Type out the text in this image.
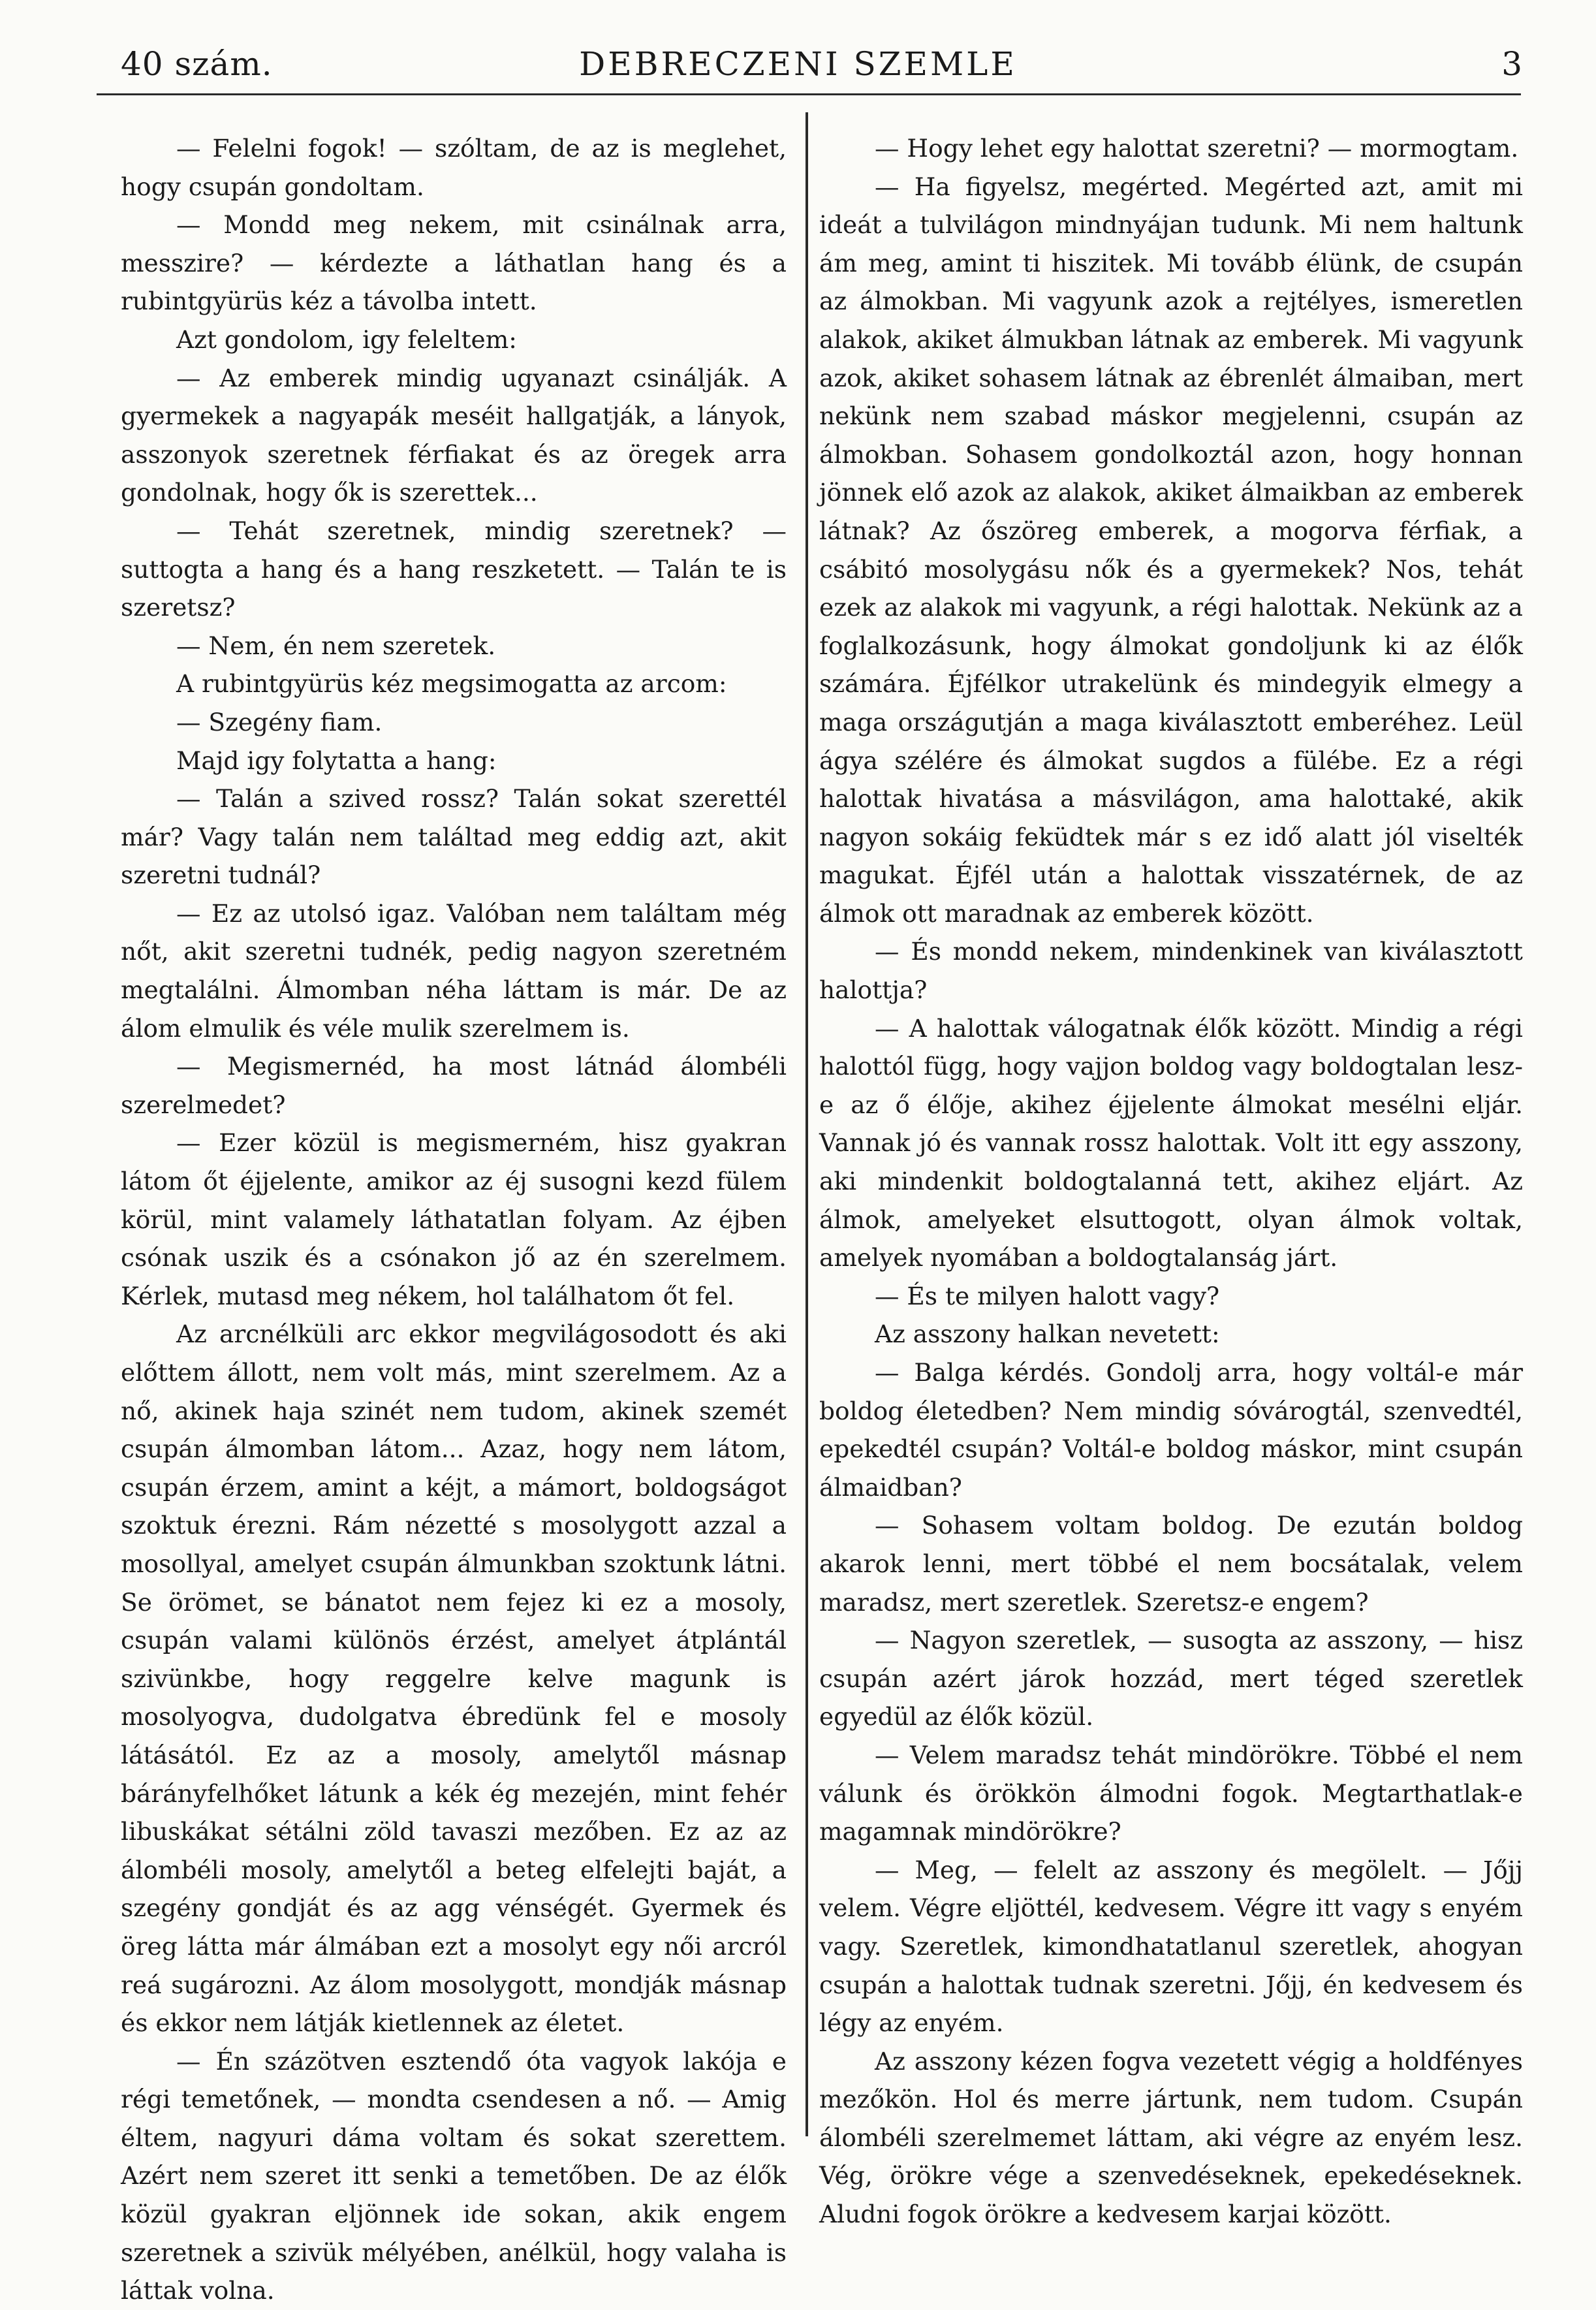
40 szám.	DEBRECZENI SZEMLE	3

— Felelni fogok! — szóltam, de az is meglehet, hogy csupán gondoltam.

— Mondd meg nekem, mit csinálnak arra, messzire? — kérdezte a láthatlan hang és a rubintgyürüs kéz a távolba intett.

Azt gondolom, igy feleltem:

— Az emberek mindig ugyanazt csinálják. A gyermekek a nagyapák meséit hallgatják, a lányok, asszonyok szeretnek férfiakat és az öregek arra gondolnak, hogy ők is szerettek...

— Tehát szeretnek, mindig szeretnek? — suttogta a hang és a hang reszketett. — Talán te is szeretsz?

— Nem, én nem szeretek.

A rubintgyürüs kéz megsimogatta az arcom:

— Szegény fiam.

Majd igy folytatta a hang:

— Talán a szived rossz? Talán sokat szerettél már? Vagy talán nem találtad meg eddig azt, akit szeretni tudnál?

— Ez az utolsó igaz. Valóban nem találtam még nőt, akit szeretni tudnék, pedig nagyon szeretném megtalálni. Álmomban néha láttam is már. De az álom elmulik és véle mulik szerelmem is.

— Megismernéd, ha most látnád álombéli szerelmedet?

— Ezer közül is megismerném, hisz gyakran látom őt éjjelente, amikor az éj susogni kezd fülem körül, mint valamely láthatatlan folyam. Az éjben csónak uszik és a csónakon jő az én szerelmem. Kérlek, mutasd meg nékem, hol találhatom őt fel.

Az arcnélküli arc ekkor megvilágosodott és aki előttem állott, nem volt más, mint szerelmem. Az a nő, akinek haja szinét nem tudom, akinek szemét csupán álmomban látom... Azaz, hogy nem látom, csupán érzem, amint a kéjt, a mámort, boldogságot szoktuk érezni. Rám nézetté s mosolygott azzal a mosollyal, amelyet csupán álmunkban szoktunk látni. Se örömet, se bánatot nem fejez ki ez a mosoly, csupán valami különös érzést, amelyet átplántál szivünkbe, hogy reggelre kelve magunk is mosolyogva, dudolgatva ébredünk fel e mosoly látásától. Ez az a mosoly, amelytől másnap bárányfelhőket látunk a kék ég mezején, mint fehér libuskákat sétálni zöld tavaszi mezőben. Ez az az álombéli mosoly, amelytől a beteg elfelejti baját, a szegény gondját és az agg vénségét. Gyermek és öreg látta már álmában ezt a mosolyt egy női arcról reá sugározni. Az álom mosolygott, mondják másnap és ekkor nem látják kietlennek az életet.

— Én százötven esztendő óta vagyok lakója e régi temetőnek, — mondta csendesen a nő. — Amig éltem, nagyuri dáma voltam és sokat szerettem. Azért nem szeret itt senki a temetőben. De az élők közül gyakran eljönnek ide sokan, akik engem szeretnek a szivük mélyében, anélkül, hogy valaha is láttak volna.

— Hogy lehet egy halottat szeretni? — mormogtam.

— Ha figyelsz, megérted. Megérted azt, amit mi ideát a tulvilágon mindnyájan tudunk. Mi nem haltunk ám meg, amint ti hiszitek. Mi tovább élünk, de csupán az álmokban. Mi vagyunk azok a rejtélyes, ismeretlen alakok, akiket álmukban látnak az emberek. Mi vagyunk azok, akiket sohasem látnak az ébrenlét álmaiban, mert nekünk nem szabad máskor megjelenni, csupán az álmokban. Sohasem gondolkoztál azon, hogy honnan jönnek elő azok az alakok, akiket álmaikban az emberek látnak? Az őszöreg emberek, a mogorva férfiak, a csábitó mosolygásu nők és a gyermekek? Nos, tehát ezek az alakok mi vagyunk, a régi halottak. Nekünk az a foglalkozásunk, hogy álmokat gondoljunk ki az élők számára. Éjfélkor utrakelünk és mindegyik elmegy a maga országutján a maga kiválasztott emberéhez. Leül ágya szélére és álmokat sugdos a fülébe. Ez a régi halottak hivatása a másvilágon, ama halottaké, akik nagyon sokáig feküdtek már s ez idő alatt jól viselték magukat. Éjfél után a halottak visszatérnek, de az álmok ott maradnak az emberek között.

— És mondd nekem, mindenkinek van kiválasztott halottja?

— A halottak válogatnak élők között. Mindig a régi halottól függ, hogy vajjon boldog vagy boldogtalan lesz-e az ő élője, akihez éjjelente álmokat mesélni eljár. Vannak jó és vannak rossz halottak. Volt itt egy asszony, aki mindenkit boldogtalanná tett, akihez eljárt. Az álmok, amelyeket elsuttogott, olyan álmok voltak, amelyek nyomában a boldogtalanság járt.

— És te milyen halott vagy?

Az asszony halkan nevetett:

— Balga kérdés. Gondolj arra, hogy voltál-e már boldog életedben? Nem mindig sóvárogtál, szenvedtél, epekedtél csupán? Voltál-e boldog máskor, mint csupán álmaidban?

— Sohasem voltam boldog. De ezután boldog akarok lenni, mert többé el nem bocsátalak, velem maradsz, mert szeretlek. Szeretsz-e engem?

— Nagyon szeretlek, — susogta az asszony, — hisz csupán azért járok hozzád, mert téged szeretlek egyedül az élők közül.

— Velem maradsz tehát mindörökre. Többé el nem válunk és örökkön álmodni fogok. Megtarthatlak-e magamnak mindörökre?

— Meg, — felelt az asszony és megölelt. — Jőjj velem. Végre eljöttél, kedvesem. Végre itt vagy s enyém vagy. Szeretlek, kimondhatatlanul szeretlek, ahogyan csupán a halottak tudnak szeretni. Jőjj, én kedvesem és légy az enyém.

Az asszony kézen fogva vezetett végig a holdfényes mezőkön. Hol és merre jártunk, nem tudom. Csupán álombéli szerelmemet láttam, aki végre az enyém lesz. Vég, örökre vége a szenvedéseknek, epekedéseknek. Aludni fogok örökre a kedvesem karjai között.
